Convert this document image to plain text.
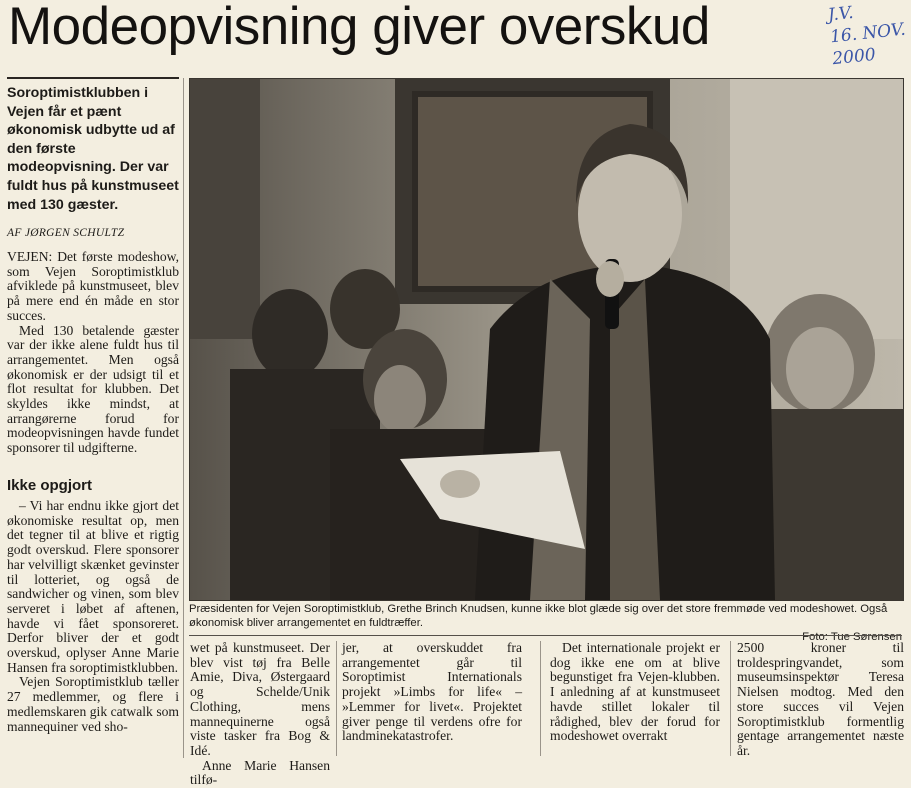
Modeopvisning giver overskud	J.V.
16. NOV.
2000
Soroptimistklubben i Vejen får et pænt økonomisk udbytte ud af den første modeopvisning. Der var fuldt hus på kunstmuseet med 130 gæster.
AF JØRGEN SCHULTZ

VEJEN: Det første modeshow, som Vejen Soroptimistklub afviklede på kunstmuseet, blev på mere end én måde en stor succes.

Med 130 betalende gæster var der ikke alene fuldt hus til arrangementet. Men også økonomisk er der udsigt til et flot resultat for klubben. Det skyldes ikke mindst, at arrangørerne forud for modeopvisningen havde fundet sponsorer til udgifterne.

Ikke opgjort

– Vi har endnu ikke gjort det økonomiske resultat op, men det tegner til at blive et rigtig godt overskud. Flere sponsorer har velvilligt skænket gevinster til lotteriet, og også de sandwicher og vinen, som blev serveret i løbet af aftenen, havde vi fået sponsoreret. Derfor bliver der et godt overskud, oplyser Anne Marie Hansen fra soroptimistklubben.

Vejen Soroptimistklub tæller 27 medlemmer, og flere i medlemskaren gik catwalk som mannequiner ved sho-

Præsidenten for Vejen Soroptimistklub, Grethe Brinch Knudsen, kunne ikke blot glæde sig over det store fremmøde ved modeshowet. Også økonomisk bliver arrangementet en fuldtræffer.
Foto: Tue Sørensen

wet på kunstmuseet. Der blev vist tøj fra Belle Amie, Diva, Østergaard og Schelde/Unik Clothing, mens mannequinerne også viste tasker fra Bog & Idé.

Anne Marie Hansen tilfø-

jer, at overskuddet fra arrangementet går til Soroptimist Internationals projekt »Limbs for life« – »Lemmer for livet«. Projektet giver penge til verdens ofre for landminekatastrofer.

Det internationale projekt er dog ikke ene om at blive begunstiget fra Vejen-klubben. I anledning af at kunstmuseet havde stillet lokaler til rådighed, blev der forud for modeshowet overrakt

2500 kroner til troldespringvandet, som museumsinspektør Teresa Nielsen modtog. Med den store succes vil Vejen Soroptimistklub formentlig gentage arrangementet næste år.
